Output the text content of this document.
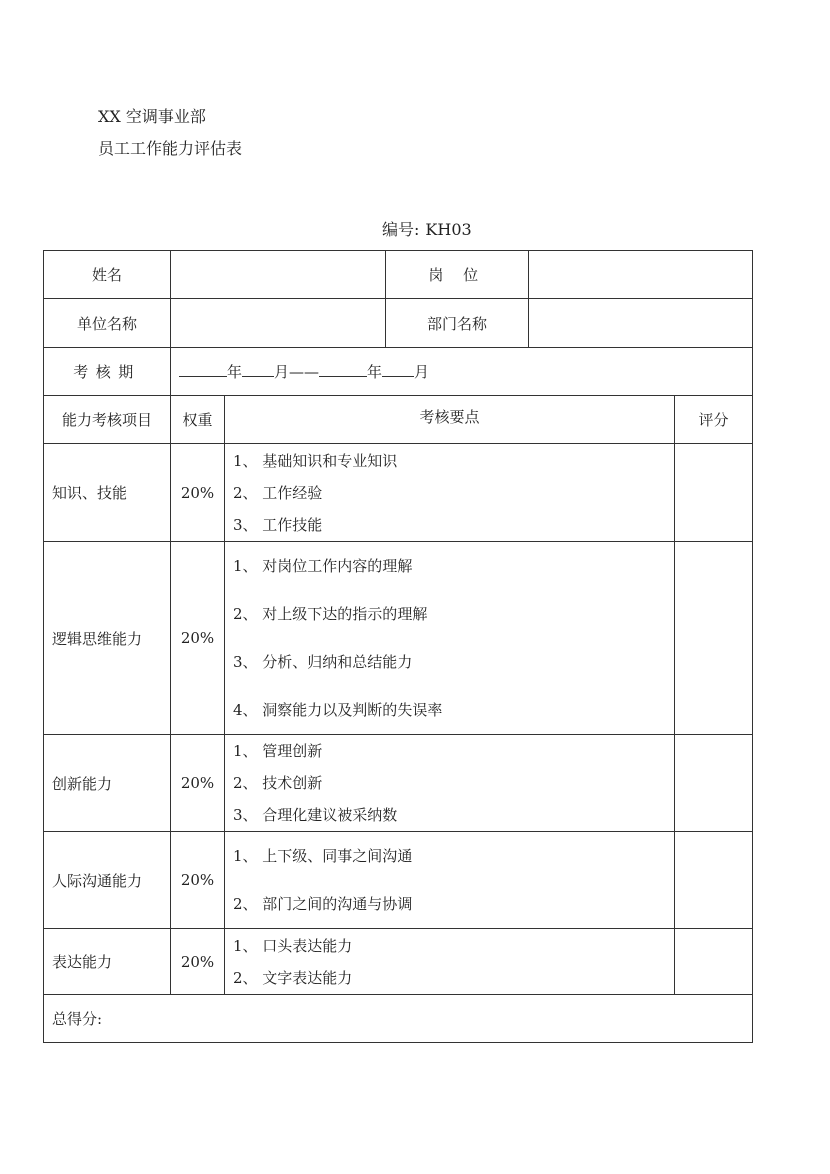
XX 空调事业部
员工工作能力评估表
编号: KH03
姓名			岗 位		
单位名称			部门名称		
考核期	年 月—— 年 月				
能力考核项目	权重	考核要点			评分
知识、技能	20%	1、 基础知识和专业知识
2、 工作经验
3、 工作技能			

逻辑思维能力	20%	1、 对岗位工作内容的理解
2、 对上级下达的指示的理解
3、 分析、归纳和总结能力
4、 洞察能力以及判断的失误率			

创新能力	20%	1、 管理创新
2、 技术创新
3、 合理化建议被采纳数			

人际沟通能力	20%	1、 上下级、同事之间沟通
2、 部门之间的沟通与协调			

表达能力	20%	1、 口头表达能力
2、 文字表达能力			

总得分:					
